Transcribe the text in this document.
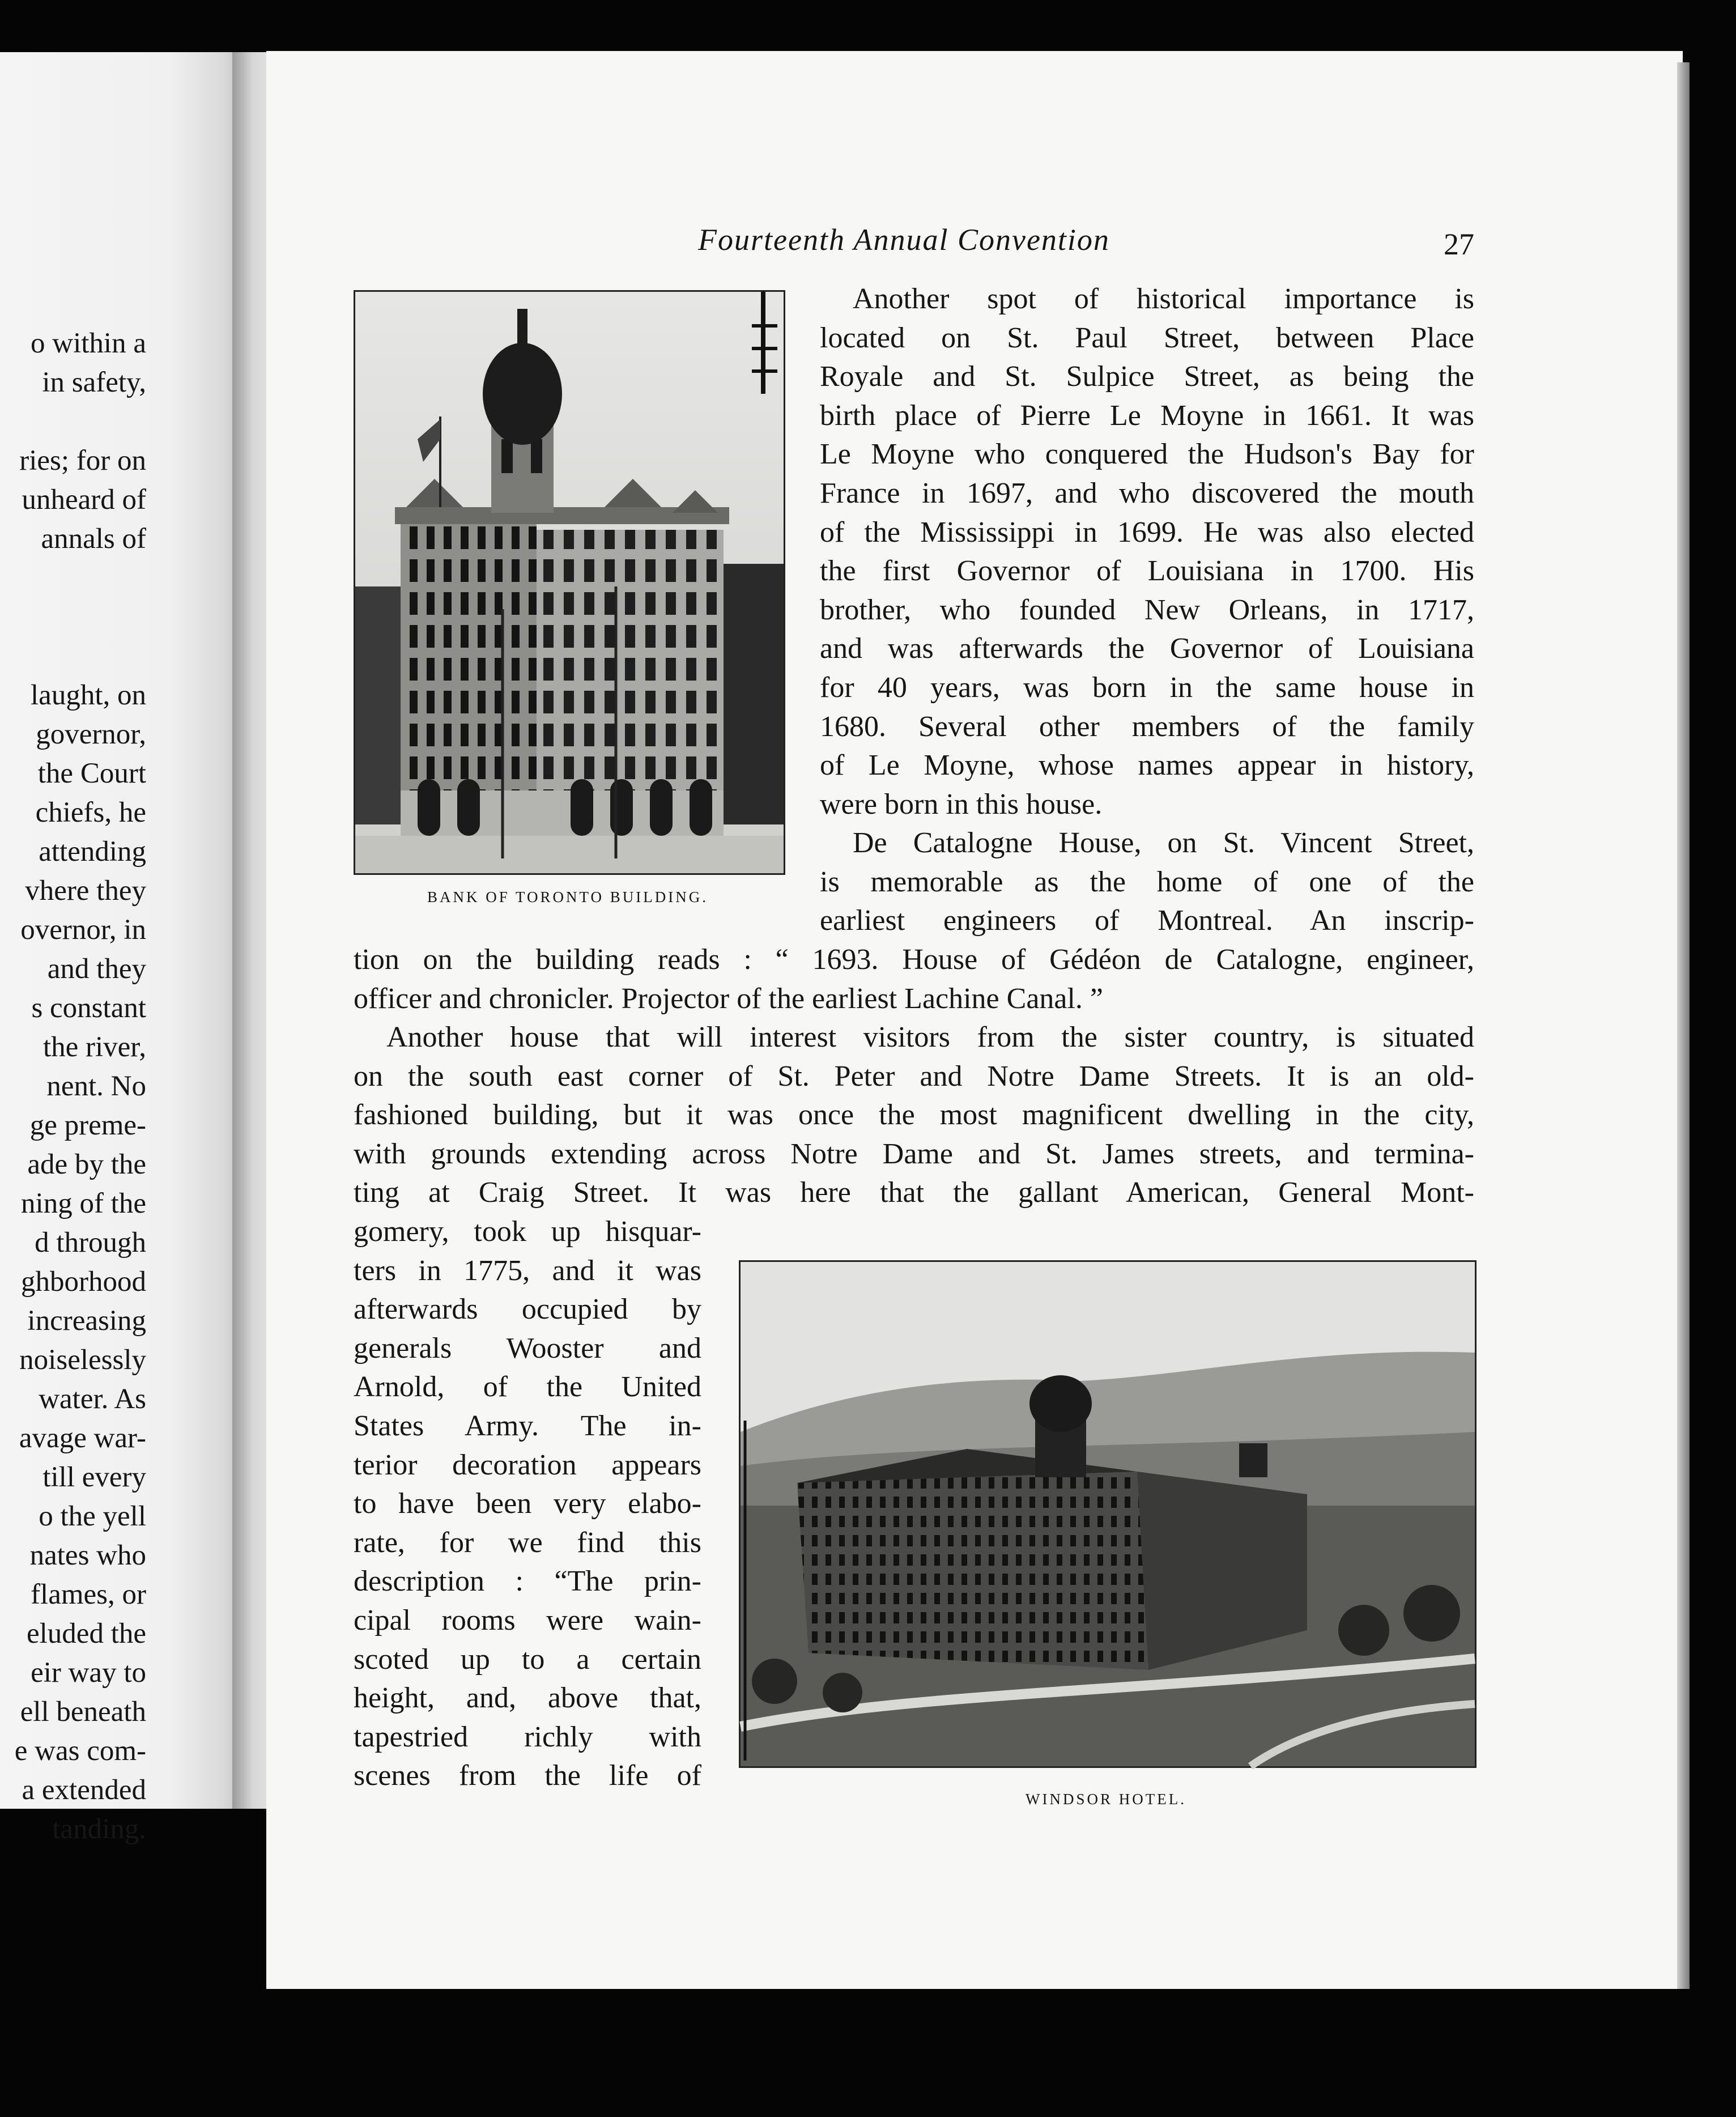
o within a
in safety,
ries; for on
unheard of
annals of
laught, on
governor,
the Court
chiefs, he
attending
vhere they
overnor, in
and they
s constant
the river,
nent. No
ge preme-
ade by the
ning of the
d through
ghborhood
increasing
noiselessly
water. As
avage war-
till every
o the yell
nates who
flames, or
eluded the
eir way to
ell beneath
e was com-
a extended
tanding.
Fourteenth Annual Convention	27
BANK OF TORONTO BUILDING.
Another spot of historical importance is
located on St. Paul Street, between Place
Royale and St. Sulpice Street, as being the
birth place of Pierre Le Moyne in 1661. It was
Le Moyne who conquered the Hudson's Bay for
France in 1697, and who discovered the mouth
of the Mississippi in 1699. He was also elected
the first Governor of Louisiana in 1700. His
brother, who founded New Orleans, in 1717,
and was afterwards the Governor of Louisiana
for 40 years, was born in the same house in
1680. Several other members of the family
of Le Moyne, whose names appear in history,
were born in this house.
De Catalogne House, on St. Vincent Street,
is memorable as the home of one of the
earliest engineers of Montreal. An inscrip-
tion on the building reads : “ 1693. House of Gédéon de Catalogne, engineer,
officer and chronicler. Projector of the earliest Lachine Canal. ”
Another house that will interest visitors from the sister country, is situated
on the south east corner of St. Peter and Notre Dame Streets. It is an old-
fashioned building, but it was once the most magnificent dwelling in the city,
with grounds extending across Notre Dame and St. James streets, and termina-
ting at Craig Street. It was here that the gallant American, General Mont-
gomery, took up hisquar-
ters in 1775, and it was
afterwards occupied by
generals Wooster and
Arnold, of the United
States Army. The in-
terior decoration appears
to have been very elabo-
rate, for we find this
description : “The prin-
cipal rooms were wain-
scoted up to a certain
height, and, above that,
tapestried richly with
scenes from the life of
WINDSOR HOTEL.
